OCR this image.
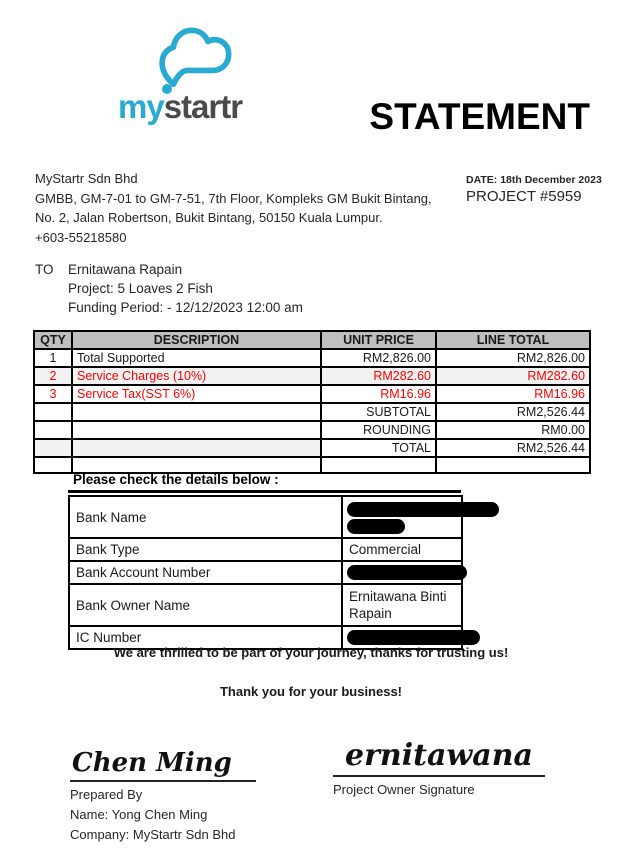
mystartr	STATEMENT
MyStartr Sdn Bhd
GMBB, GM-7-01 to GM-7-51, 7th Floor, Kompleks GM Bukit Bintang,
No. 2, Jalan Robertson, Bukit Bintang, 50150 Kuala Lumpur.
+603-55218580
DATE: 18th December 2023
PROJECT #5959
TO	Ernitawana Rapain
Project: 5 Loaves 2 Fish
Funding Period: - 12/12/2023 12:00 am
QTY	DESCRIPTION	UNIT PRICE	LINE TOTAL
1	Total Supported	RM2,826.00	RM2,826.00
2	Service Charges (10%)	RM282.60	RM282.60
3	Service Tax(SST 6%)	RM16.96	RM16.96
		SUBTOTAL	RM2,526.44
		ROUNDING	RM0.00
		TOTAL	RM2,526.44

Please check the details below :
Bank Name	

Bank Type	Commercial
Bank Account Number	

Bank Owner Name	Ernitawana Binti Rapain
IC Number	
We are thrilled to be part of your journey, thanks for trusting us!
Thank you for your business!
Chen Ming
Prepared By
Name: Yong Chen Ming
Company: MyStartr Sdn Bhd
ernitawana
Project Owner Signature
